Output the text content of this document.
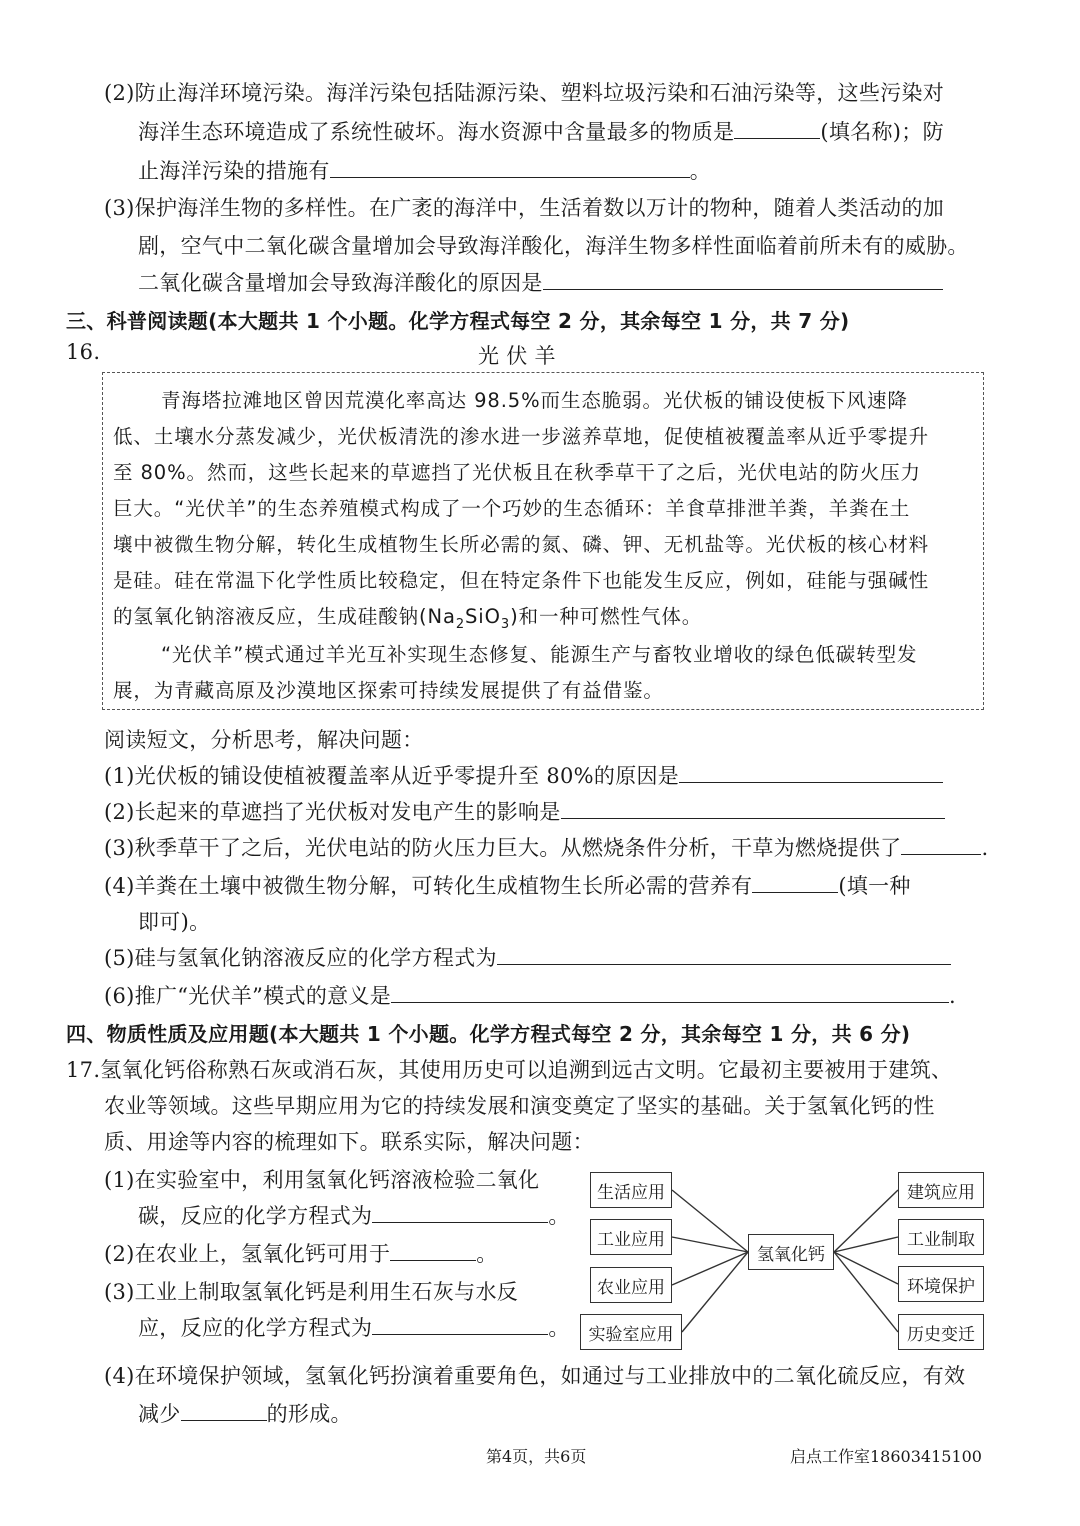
(2)防止海洋环境污染。海洋污染包括陆源污染、塑料垃圾污染和石油污染等，这些污染对
海洋生态环境造成了系统性破坏。海水资源中含量最多的物质是	(填名称)；防
止海洋污染的措施有	。
(3)保护海洋生物的多样性。在广袤的海洋中，生活着数以万计的物种，随着人类活动的加
剧，空气中二氧化碳含量增加会导致海洋酸化，海洋生物多样性面临着前所未有的威胁。
二氧化碳含量增加会导致海洋酸化的原因是
三、科普阅读题(本大题共 1 个小题。化学方程式每空 2 分，其余每空 1 分，共 7 分)
16.	光 伏 羊
青海塔拉滩地区曾因荒漠化率高达 98.5%而生态脆弱。光伏板的铺设使板下风速降
低、土壤水分蒸发减少，光伏板清洗的渗水进一步滋养草地，促使植被覆盖率从近乎零提升
至 80%。然而，这些长起来的草遮挡了光伏板且在秋季草干了之后，光伏电站的防火压力
巨大。“光伏羊”的生态养殖模式构成了一个巧妙的生态循环：羊食草排泄羊粪，羊粪在土
壤中被微生物分解，转化生成植物生长所必需的氮、磷、钾、无机盐等。光伏板的核心材料
是硅。硅在常温下化学性质比较稳定，但在特定条件下也能发生反应，例如，硅能与强碱性
的氢氧化钠溶液反应，生成硅酸钠$(Na_2SiO_3)$和一种可燃性气体。
“光伏羊”模式通过羊光互补实现生态修复、能源生产与畜牧业增收的绿色低碳转型发
展，为青藏高原及沙漠地区探索可持续发展提供了有益借鉴。
阅读短文，分析思考，解决问题：
(1)光伏板的铺设使植被覆盖率从近乎零提升至 80%的原因是
(2)长起来的草遮挡了光伏板对发电产生的影响是
(3)秋季草干了之后，光伏电站的防火压力巨大。从燃烧条件分析，干草为燃烧提供了	.
(4)羊粪在土壤中被微生物分解，可转化生成植物生长所必需的营养有	(填一种
即可)。
(5)硅与氢氧化钠溶液反应的化学方程式为
(6)推广“光伏羊”模式的意义是	.
四、物质性质及应用题(本大题共 1 个小题。化学方程式每空 2 分，其余每空 1 分，共 6 分)
17.氢氧化钙俗称熟石灰或消石灰，其使用历史可以追溯到远古文明。它最初主要被用于建筑、
农业等领域。这些早期应用为它的持续发展和演变奠定了坚实的基础。关于氢氧化钙的性
质、用途等内容的梳理如下。联系实际，解决问题：
(1)在实验室中，利用氢氧化钙溶液检验二氧化
碳，反应的化学方程式为	。
(2)在农业上，氢氧化钙可用于	。
(3)工业上制取氢氧化钙是利用生石灰与水反
应，反应的化学方程式为	。
生活应用
工业应用
农业应用
实验室应用
氢氧化钙
建筑应用
工业制取
环境保护
历史变迁
(4)在环境保护领域，氢氧化钙扮演着重要角色，如通过与工业排放中的二氧化硫反应，有效
减少	的形成。
第4页，共6页	启点工作室18603415100
